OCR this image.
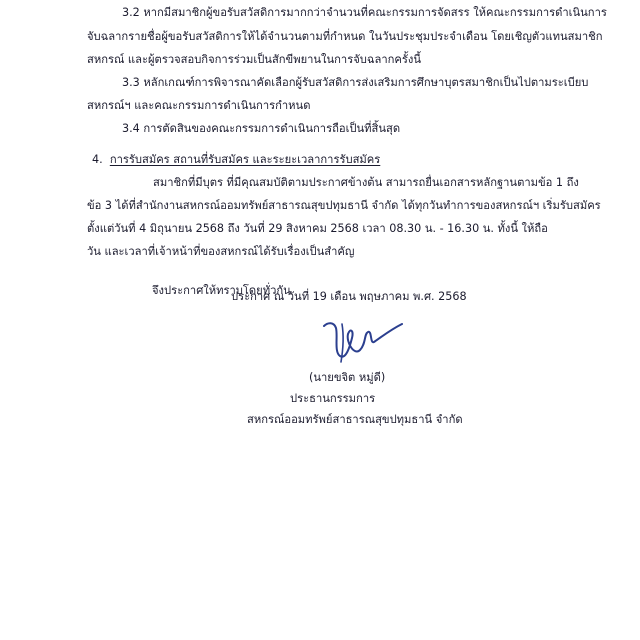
3.2 หากมีสมาชิกผู้ขอรับสวัสดิการมากกว่าจำนวนที่คณะกรรมการจัดสรร ให้คณะกรรมการดำเนินการ
จับฉลากรายชื่อผู้ขอรับสวัสดิการให้ได้จำนวนตามที่กำหนด ในวันประชุมประจำเดือน โดยเชิญตัวแทนสมาชิก
สหกรณ์ และผู้ตรวจสอบกิจการร่วมเป็นสักขีพยานในการจับฉลากครั้งนี้
3.3 หลักเกณฑ์การพิจารณาคัดเลือกผู้รับสวัสดิการส่งเสริมการศึกษาบุตรสมาชิกเป็นไปตามระเบียบ
สหกรณ์ฯ และคณะกรรมการดำเนินการกำหนด
3.4 การตัดสินของคณะกรรมการดำเนินการถือเป็นที่สิ้นสุด
4. การรับสมัคร สถานที่รับสมัคร และระยะเวลาการรับสมัคร
สมาชิกที่มีบุตร ที่มีคุณสมบัติตามประกาศข้างต้น สามารถยื่นเอกสารหลักฐานตามข้อ 1 ถึง
ข้อ 3 ได้ที่สำนักงานสหกรณ์ออมทรัพย์สาธารณสุขปทุมธานี จำกัด ได้ทุกวันทำการของสหกรณ์ฯ เริ่มรับสมัคร
ตั้งแต่วันที่ 4 มิถุนายน 2568 ถึง วันที่ 29 สิงหาคม 2568 เวลา 08.30 น. - 16.30 น. ทั้งนี้ ให้ถือ
วัน และเวลาที่เจ้าหน้าที่ของสหกรณ์ได้รับเรื่องเป็นสำคัญ
จึงประกาศให้ทราบโดยทั่วกัน
ประกาศ ณ วันที่ 19 เดือน พฤษภาคม พ.ศ. 2568
(นายขจิต หมู่ดี)
ประธานกรรมการ
สหกรณ์ออมทรัพย์สาธารณสุขปทุมธานี จำกัด
